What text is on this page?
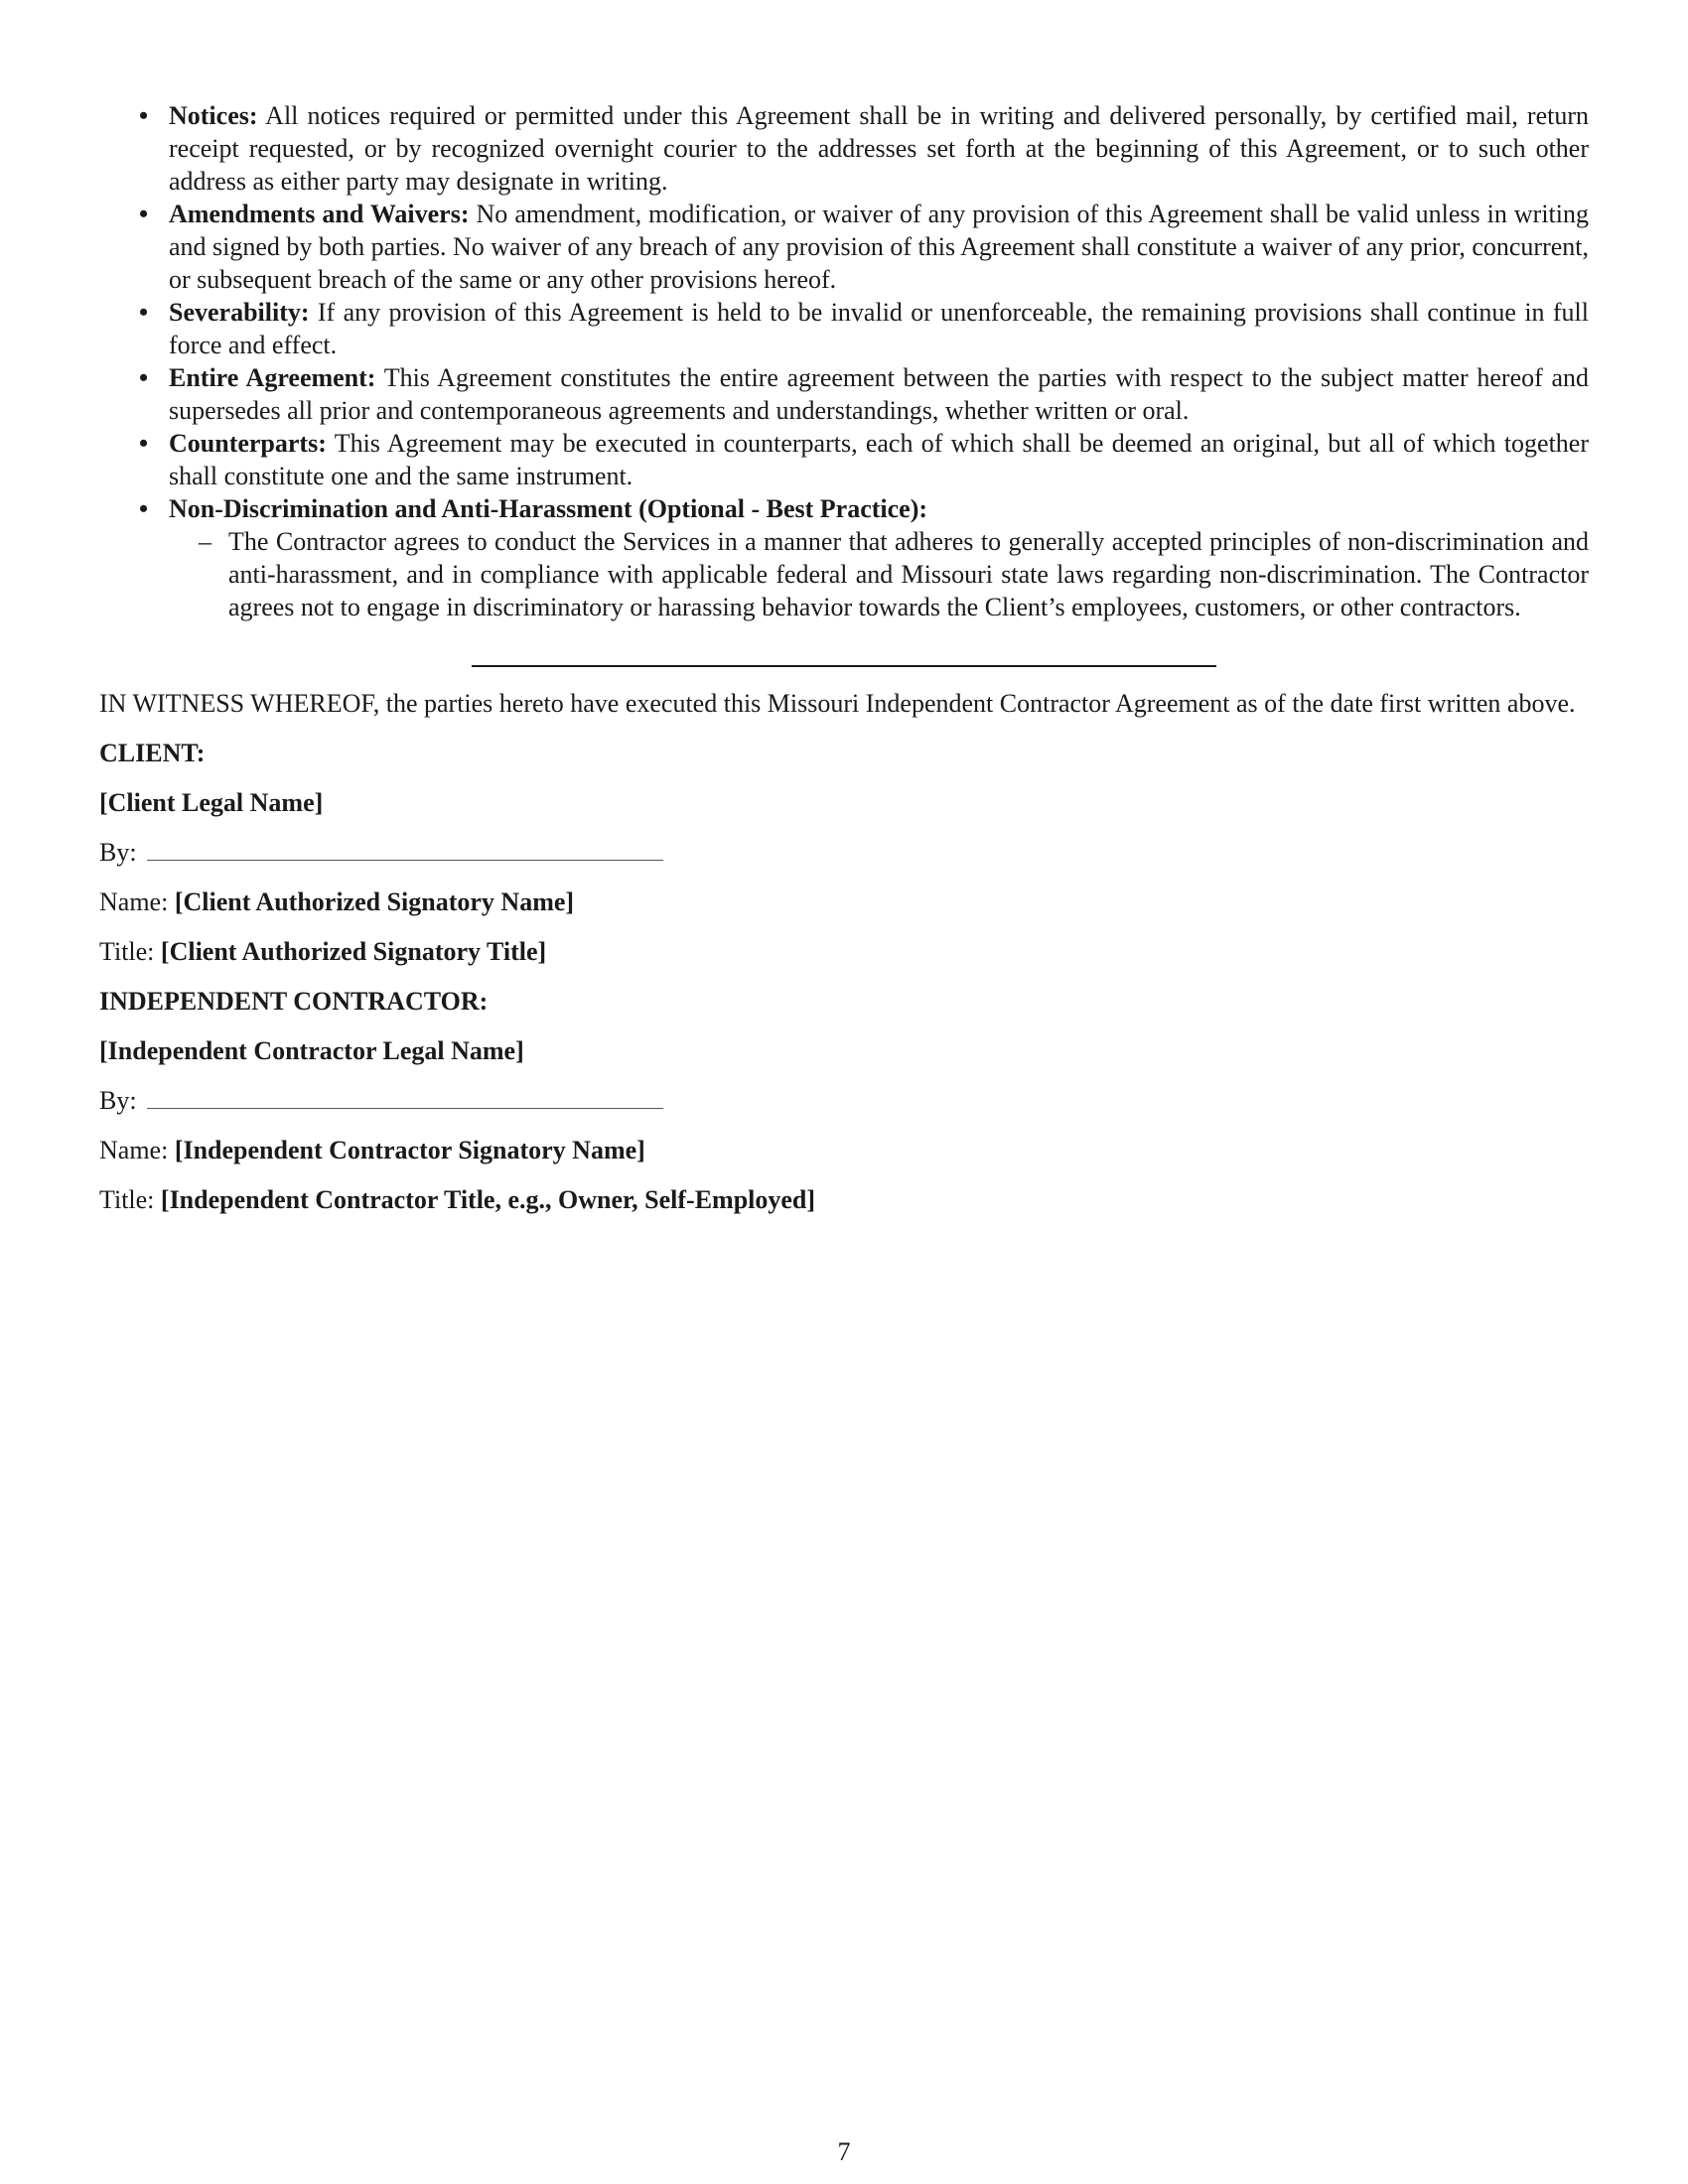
• Notices: All notices required or permitted under this Agreement shall be in writing and delivered personally, by certified mail, return receipt requested, or by recognized overnight courier to the addresses set forth at the beginning of this Agreement, or to such other address as either party may designate in writing.
• Amendments and Waivers: No amendment, modification, or waiver of any provision of this Agreement shall be valid unless in writing and signed by both parties. No waiver of any breach of any provision of this Agreement shall constitute a waiver of any prior, concurrent, or subsequent breach of the same or any other provisions hereof.
• Severability: If any provision of this Agreement is held to be invalid or unenforceable, the remaining provisions shall continue in full force and effect.
• Entire Agreement: This Agreement constitutes the entire agreement between the parties with respect to the subject matter hereof and supersedes all prior and contemporaneous agreements and understandings, whether written or oral.
• Counterparts: This Agreement may be executed in counterparts, each of which shall be deemed an original, but all of which together shall constitute one and the same instrument.
• Non-Discrimination and Anti-Harassment (Optional - Best Practice):
– The Contractor agrees to conduct the Services in a manner that adheres to generally accepted principles of non-discrimination and anti-harassment, and in compliance with applicable federal and Missouri state laws regarding non-discrimination. The Contractor agrees not to engage in discriminatory or harassing behavior towards the Client’s employees, customers, or other contractors.
IN WITNESS WHEREOF, the parties hereto have executed this Missouri Independent Contractor Agreement as of the date first written above.
CLIENT:
[Client Legal Name]
By:
Name: [Client Authorized Signatory Name]
Title: [Client Authorized Signatory Title]
INDEPENDENT CONTRACTOR:
[Independent Contractor Legal Name]
By:
Name: [Independent Contractor Signatory Name]
Title: [Independent Contractor Title, e.g., Owner, Self-Employed]
7
